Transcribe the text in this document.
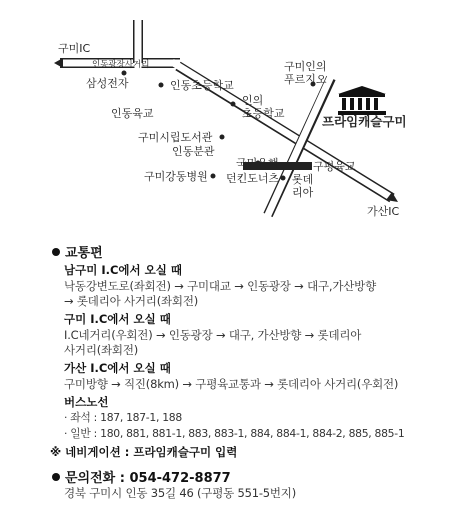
구미IC
인동광장사거리
삼성전자
인동육교
인동초등학교
인의 초등학교
구미시립도서관
인동분관
구미강동병원
국민은행
던킨도너츠 롯데 리아
구평육교
가산IC
구미인의 푸르지오
프라임캐슬구미
교통편
남구미 I.C에서 오실 때
낙동강변도로(좌회전) → 구미대교 → 인동광장 → 대구,가산방향
→ 롯데리아 사거리(좌회전)
구미 I.C에서 오실 때
I.C네거리(우회전) → 인동광장 → 대구, 가산방향 → 롯데리아
사거리(좌회전)
가산 I.C에서 오실 때
구미방향 → 직진(8km) → 구평육교통과 → 롯데리아 사거리(우회전)
버스노선
· 좌석 : 187, 187-1, 188
· 일반 : 180, 881, 881-1, 883, 883-1, 884, 884-1, 884-2, 885, 885-1
※ 네비게이션 : 프라임캐슬구미 입력
문의전화 : 054-472-8877
경북 구미시 인동 35길 46 (구평동 551-5번지)
